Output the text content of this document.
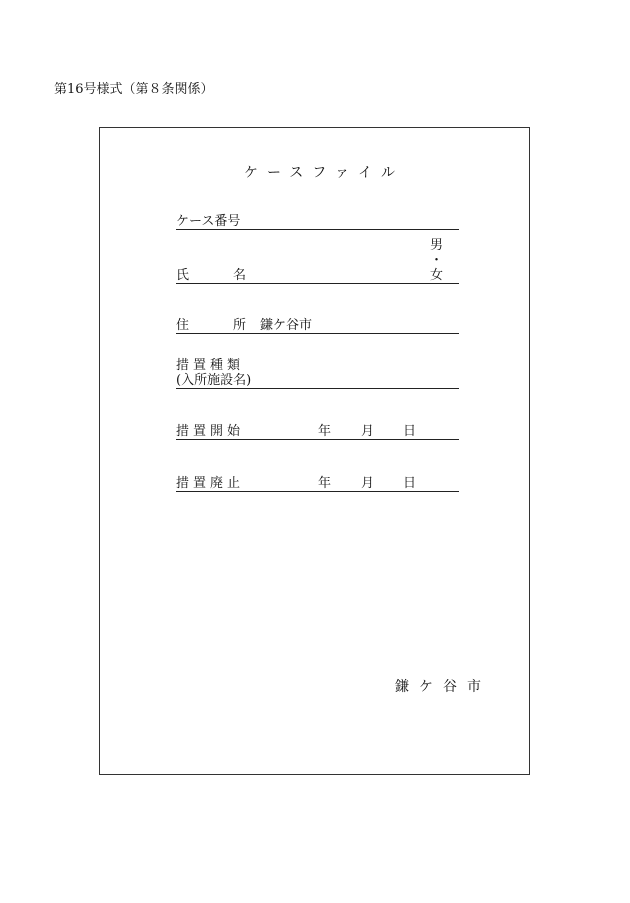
第16号様式（第８条関係）
ケースファイル
ケース番号
氏	名
男
・
女
住	所 鎌ケ谷市
措置種類
(入所施設名)
措置開始	年 月 日
措置廃止	年 月 日
鎌ケ谷市
